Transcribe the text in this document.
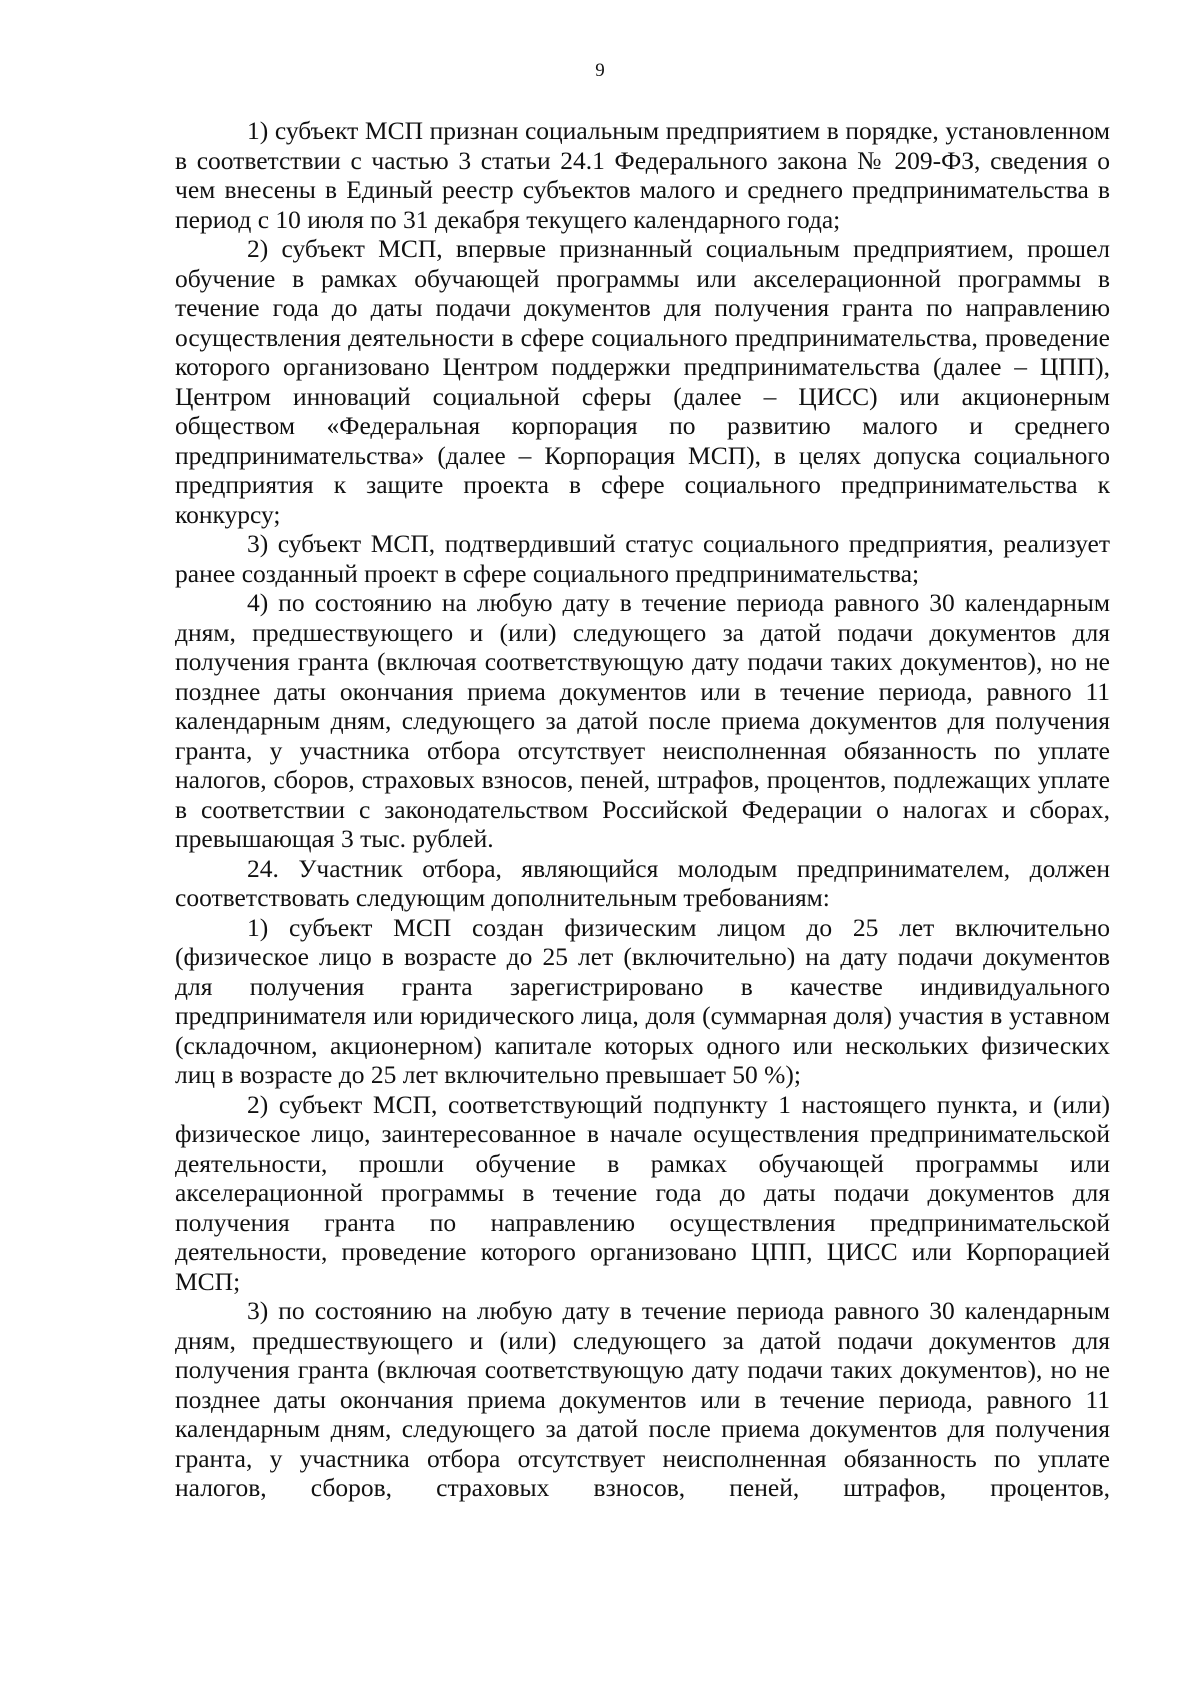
9

1) субъект МСП признан социальным предприятием в порядке, установленном в соответствии с частью 3 статьи 24.1 Федерального закона № 209-ФЗ, сведения о чем внесены в Единый реестр субъектов малого и среднего предпринимательства в период с 10 июля по 31 декабря текущего календарного года;

2) субъект МСП, впервые признанный социальным предприятием, прошел обучение в рамках обучающей программы или акселерационной программы в течение года до даты подачи документов для получения гранта по направлению осуществления деятельности в сфере социального предпринимательства, проведение которого организовано Центром поддержки предпринимательства (далее – ЦПП), Центром инноваций социальной сферы (далее – ЦИСС) или акционерным обществом «Федеральная корпорация по развитию малого и среднего предпринимательства» (далее – Корпорация МСП), в целях допуска социального предприятия к защите проекта в сфере социального предпринимательства к конкурсу;

3) субъект МСП, подтвердивший статус социального предприятия, реализует ранее созданный проект в сфере социального предпринимательства;

4) по состоянию на любую дату в течение периода равного 30 календарным дням, предшествующего и (или) следующего за датой подачи документов для получения гранта (включая соответствующую дату подачи таких документов), но не позднее даты окончания приема документов или в течение периода, равного 11 календарным дням, следующего за датой после приема документов для получения гранта, у участника отбора отсутствует неисполненная обязанность по уплате налогов, сборов, страховых взносов, пеней, штрафов, процентов, подлежащих уплате в соответствии с законодательством Российской Федерации о налогах и сборах, превышающая 3 тыс. рублей.

24. Участник отбора, являющийся молодым предпринимателем, должен соответствовать следующим дополнительным требованиям:

1) субъект МСП создан физическим лицом до 25 лет включительно (физическое лицо в возрасте до 25 лет (включительно) на дату подачи документов для получения гранта зарегистрировано в качестве индивидуального предпринимателя или юридического лица, доля (суммарная доля) участия в уставном (складочном, акционерном) капитале которых одного или нескольких физических лиц в возрасте до 25 лет включительно превышает 50 %);

2) субъект МСП, соответствующий подпункту 1 настоящего пункта, и (или) физическое лицо, заинтересованное в начале осуществления предпринимательской деятельности, прошли обучение в рамках обучающей программы или акселерационной программы в течение года до даты подачи документов для получения гранта по направлению осуществления предпринимательской деятельности, проведение которого организовано ЦПП, ЦИСС или Корпорацией МСП;

3) по состоянию на любую дату в течение периода равного 30 календарным дням, предшествующего и (или) следующего за датой подачи документов для получения гранта (включая соответствующую дату подачи таких документов), но не позднее даты окончания приема документов или в течение периода, равного 11 календарным дням, следующего за датой после приема документов для получения гранта, у участника отбора отсутствует неисполненная обязанность по уплате налогов, сборов, страховых взносов, пеней, штрафов, процентов,
